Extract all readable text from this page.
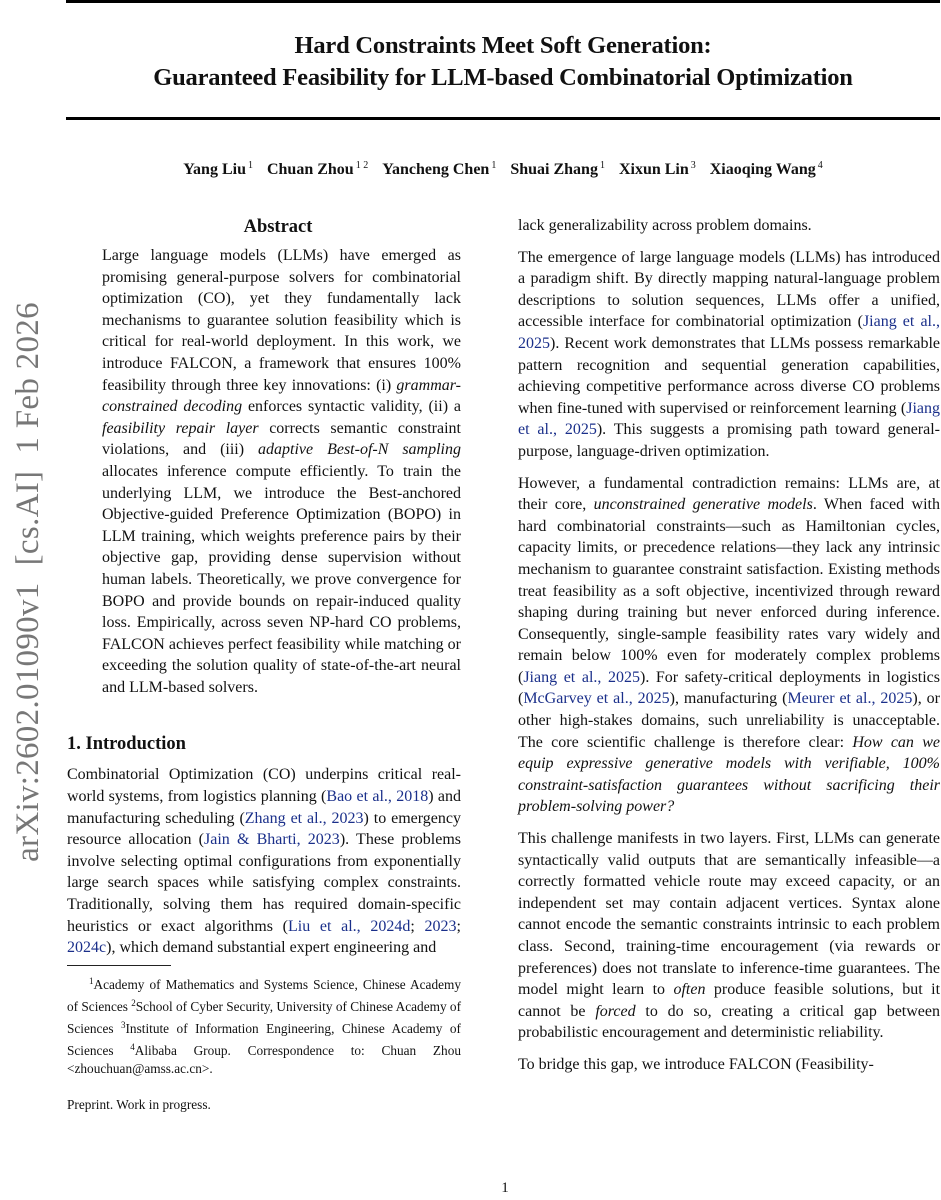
Hard Constraints Meet Soft Generation:
Guaranteed Feasibility for LLM-based Combinatorial Optimization
Yang Liu $^1$ Chuan Zhou $^{1 2}$ Yancheng Chen $^1$ Shuai Zhang $^1$ Xixun Lin $^3$ Xiaoqing Wang $^4$
arXiv:2602.01090v1  [cs.AI]  1 Feb 2026
Abstract
Large language models (LLMs) have emerged as promising general-purpose solvers for combinatorial optimization (CO), yet they fundamentally lack mechanisms to guarantee solution feasibility which is critical for real-world deployment. In this work, we introduce FALCON, a framework that ensures 100% feasibility through three key innovations: (i) grammar-constrained decoding enforces syntactic validity, (ii) a feasibility repair layer corrects semantic constraint violations, and (iii) adaptive Best-of-N sampling allocates inference compute efficiently. To train the underlying LLM, we introduce the Best-anchored Objective-guided Preference Optimization (BOPO) in LLM training, which weights preference pairs by their objective gap, providing dense supervision without human labels. Theoretically, we prove convergence for BOPO and provide bounds on repair-induced quality loss. Empirically, across seven NP-hard CO problems, FALCON achieves perfect feasibility while matching or exceeding the solution quality of state-of-the-art neural and LLM-based solvers.
1. Introduction

Combinatorial Optimization (CO) underpins critical real-world systems, from logistics planning (Bao et al., 2018) and manufacturing scheduling (Zhang et al., 2023) to emergency resource allocation (Jain & Bharti, 2023). These problems involve selecting optimal configurations from exponentially large search spaces while satisfying complex constraints. Traditionally, solving them has required domain-specific heuristics or exact algorithms (Liu et al., 2024d; 2023; 2024c), which demand substantial expert engineering and

$^1$Academy of Mathematics and Systems Science, Chinese Academy of Sciences $^2$School of Cyber Security, University of Chinese Academy of Sciences $^3$Institute of Information Engineering, Chinese Academy of Sciences $^4$Alibaba Group. Correspondence to: Chuan Zhou <zhouchuan@amss.ac.cn>.
Preprint. Work in progress.

lack generalizability across problem domains.

The emergence of large language models (LLMs) has introduced a paradigm shift. By directly mapping natural-language problem descriptions to solution sequences, LLMs offer a unified, accessible interface for combinatorial optimization (Jiang et al., 2025). Recent work demonstrates that LLMs possess remarkable pattern recognition and sequential generation capabilities, achieving competitive performance across diverse CO problems when fine-tuned with supervised or reinforcement learning (Jiang et al., 2025). This suggests a promising path toward general-purpose, language-driven optimization.

However, a fundamental contradiction remains: LLMs are, at their core, unconstrained generative models. When faced with hard combinatorial constraints—such as Hamiltonian cycles, capacity limits, or precedence relations—they lack any intrinsic mechanism to guarantee constraint satisfaction. Existing methods treat feasibility as a soft objective, incentivized through reward shaping during training but never enforced during inference. Consequently, single-sample feasibility rates vary widely and remain below 100% even for moderately complex problems (Jiang et al., 2025). For safety-critical deployments in logistics (McGarvey et al., 2025), manufacturing (Meurer et al., 2025), or other high-stakes domains, such unreliability is unacceptable. The core scientific challenge is therefore clear: How can we equip expressive generative models with verifiable, 100% constraint-satisfaction guarantees without sacrificing their problem-solving power?

This challenge manifests in two layers. First, LLMs can generate syntactically valid outputs that are semantically infeasible—a correctly formatted vehicle route may exceed capacity, or an independent set may contain adjacent vertices. Syntax alone cannot encode the semantic constraints intrinsic to each problem class. Second, training-time encouragement (via rewards or preferences) does not translate to inference-time guarantees. The model might learn to often produce feasible solutions, but it cannot be forced to do so, creating a critical gap between probabilistic encouragement and deterministic reliability.

To bridge this gap, we introduce FALCON (Feasibility-

1
